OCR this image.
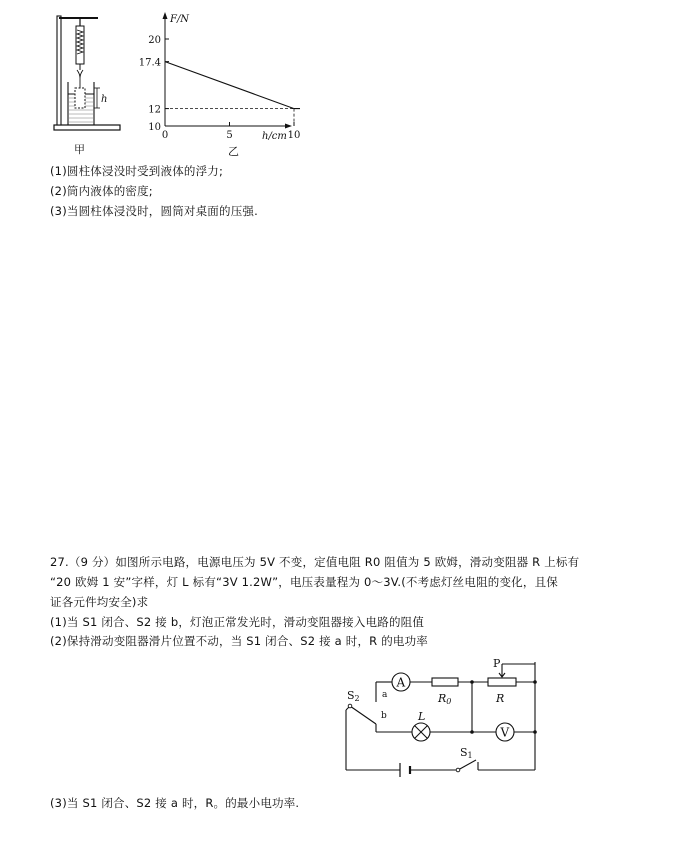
h
F/N
h/cm
10
12
17.4
20
0	5	10
甲	乙
(1)圆柱体浸没时受到液体的浮力;
(2)筒内液体的密度;
(3)当圆柱体浸没时，圆筒对桌面的压强.
27.（9 分）如图所示电路，电源电压为 5V 不变，定值电阻 R0 阻值为 5 欧姆，滑动变阻器 R 上标有
“20 欧姆 1 安”字样，灯 L 标有“3V 1.2W”，电压表量程为 0～3V.(不考虑灯丝电阻的变化，且保
证各元件均安全)求
(1)当 S1 闭合、S2 接 b，灯泡正常发光时，滑动变阻器接入电路的阻值
(2)保持滑动变阻器滑片位置不动，当 S1 闭合、S2 接 a 时，R 的电功率
A
R0	R
P
L
V
S1
S2 a
b
(3)当 S1 闭合、S2 接 a 时，R。的最小电功率.
